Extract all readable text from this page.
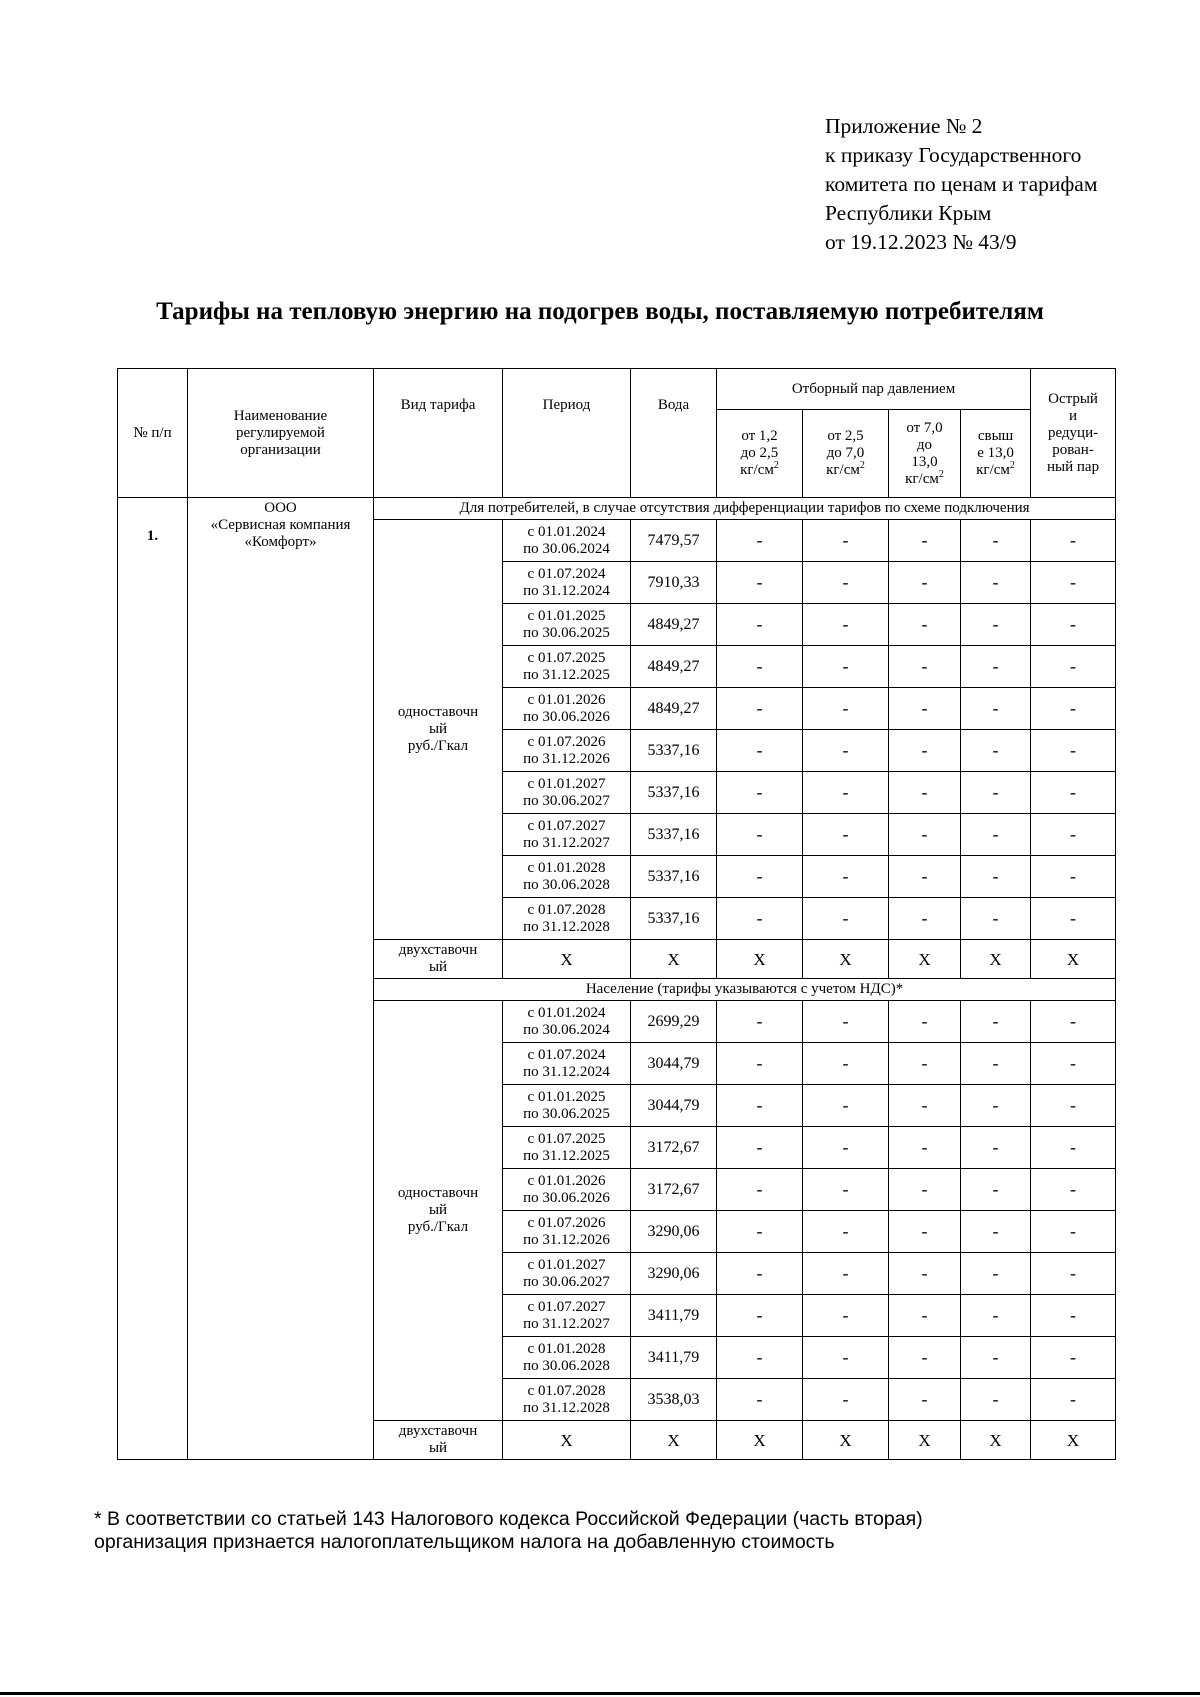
Приложение № 2
к приказу Государственного
комитета по ценам и тарифам
Республики Крым
от 19.12.2023 № 43/9
Тарифы на тепловую энергию на подогрев воды, поставляемую потребителям
№ п/п	Наименование
регулируемой
организации	Вид тарифа	Период	Вода	Отборный пар давлением				Острый
и
редуци-
рован-
ный пар

					от 1,2
до 2,5
$кг/см^2$	от 2,5
до 7,0
$кг/см^2$	от 7,0
до
13,0
$кг/см^2$	свыш
е 13,0
$кг/см^2$

1.	ООО
«Сервисная компания
«Комфорт»	Для потребителей, в случае отсутствия дифференциации тарифов по схеме подключения							

		одноставочн
ый
руб./Гкал	с 01.01.2024
по 30.06.2024	7479,57	-	-	-	-	-

			с 01.07.2024
по 31.12.2024	7910,33	-	-	-	-	-

			с 01.01.2025
по 30.06.2025	4849,27	-	-	-	-	-

			с 01.07.2025
по 31.12.2025	4849,27	-	-	-	-	-

			с 01.01.2026
по 30.06.2026	4849,27	-	-	-	-	-

			с 01.07.2026
по 31.12.2026	5337,16	-	-	-	-	-

			с 01.01.2027
по 30.06.2027	5337,16	-	-	-	-	-

			с 01.07.2027
по 31.12.2027	5337,16	-	-	-	-	-

			с 01.01.2028
по 30.06.2028	5337,16	-	-	-	-	-

			с 01.07.2028
по 31.12.2028	5337,16	-	-	-	-	-

		двухставочн
ый	X	X	X	X	X	X	X
		Население (тарифы указываются с учетом НДС)*							

		одноставочн
ый
руб./Гкал	с 01.01.2024
по 30.06.2024	2699,29	-	-	-	-	-

			с 01.07.2024
по 31.12.2024	3044,79	-	-	-	-	-

			с 01.01.2025
по 30.06.2025	3044,79	-	-	-	-	-

			с 01.07.2025
по 31.12.2025	3172,67	-	-	-	-	-

			с 01.01.2026
по 30.06.2026	3172,67	-	-	-	-	-

			с 01.07.2026
по 31.12.2026	3290,06	-	-	-	-	-

			с 01.01.2027
по 30.06.2027	3290,06	-	-	-	-	-

			с 01.07.2027
по 31.12.2027	3411,79	-	-	-	-	-

			с 01.01.2028
по 30.06.2028	3411,79	-	-	-	-	-

			с 01.07.2028
по 31.12.2028	3538,03	-	-	-	-	-

		двухставочн
ый	X	X	X	X	X	X	X
* В соответствии со статьей 143 Налогового кодекса Российской Федерации (часть вторая)
организация признается налогоплательщиком налога на добавленную стоимость
